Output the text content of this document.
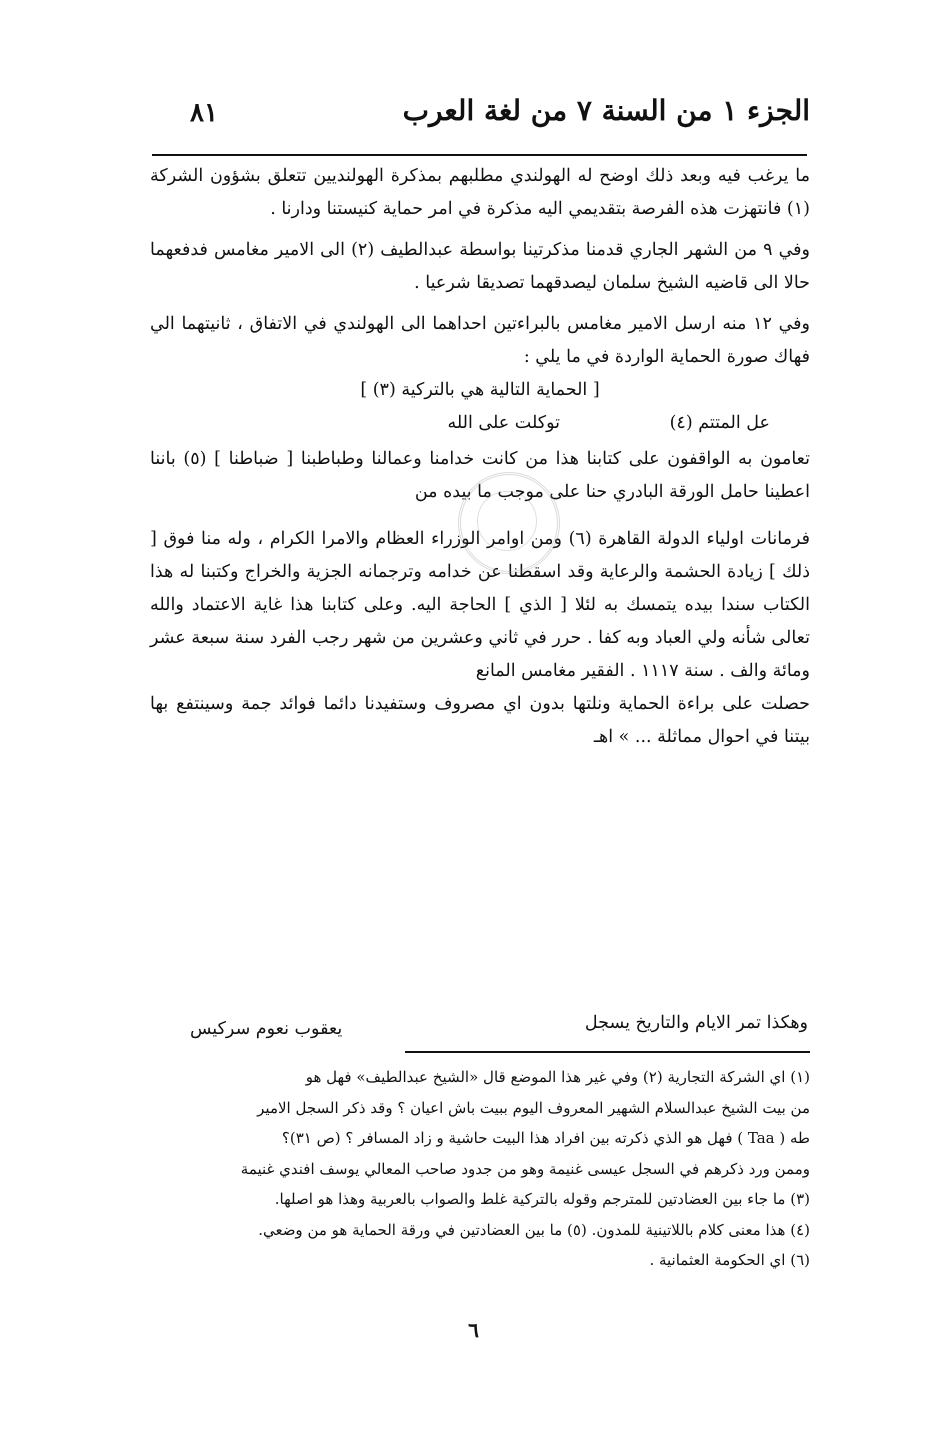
الجزء ١ من السنة ٧ من لغة العرب
٨١

ما يرغب فيه وبعد ذلك اوضح له الهولندي مطلبهم بمذكرة الهولنديين تتعلق بشؤون الشركة (١) فانتهزت هذه الفرصة بتقديمي اليه مذكرة في امر حماية كنيستنا ودارنا .

وفي ٩ من الشهر الجاري قدمنا مذكرتينا بواسطة عبدالطيف (٢) الى الامير مغامس فدفعهما حالا الى قاضيه الشيخ سلمان ليصدقهما تصديقا شرعيا .

وفي ١٢ منه ارسل الامير مغامس بالبراءتين احداهما الى الهولندي في الاتفاق ، ثانيتهما الي فهاك صورة الحماية الواردة في ما يلي :

[ الحماية التالية هي بالتركية (٣) ]

عل المتتم (٤)
توكلت على الله

تعامون به الواقفون على كتابنا هذا من كانت خدامنا وعمالنا وطباطبنا [ ضباطنا ] (٥) باننا اعطينا حامل الورقة البادري حنا على موجب ما بيده من

فرمانات اولياء الدولة القاهرة (٦) ومن اوامر الوزراء العظام والامرا الكرام ، وله منا فوق [ ذلك ] زيادة الحشمة والرعاية وقد اسقطنا عن خدامه وترجمانه الجزية والخراج وكتبنا له هذا الكتاب سندا بيده يتمسك به لئلا [ الذي ] الحاجة اليه. وعلى كتابنا هذا غاية الاعتماد والله تعالى شأنه ولي العباد وبه كفا . حرر في ثاني وعشرين من شهر رجب الفرد سنة سبعة عشر ومائة والف . سنة ١١١٧ . الفقير مغامس المانع

حصلت على براءة الحماية ونلتها بدون اي مصروف وستفيدنا دائما فوائد جمة وسينتفع بها بيتنا في احوال مماثلة ... » اهـ

وهكذا تمر الايام والتاريخ يسجل
يعقوب نعوم سركيس

(١) اي الشركة التجارية (٢) وفي غير هذا الموضع قال «الشيخ عبدالطيف» فهل هو

من بيت الشيخ عبدالسلام الشهير المعروف اليوم ببيت باش اعيان ؟ وقد ذكر السجل الامير

طه ( Taa ) فهل هو الذي ذكرته بين افراد هذا البيت حاشية و زاد المسافر ؟ (ص ٣١)؟

وممن ورد ذكرهم في السجل عيسى غنيمة وهو من جدود صاحب المعالي يوسف افندي غنيمة

(٣) ما جاء بين العضادتين للمترجم وقوله بالتركية غلط والصواب بالعربية وهذا هو اصلها.

(٤) هذا معنى كلام باللاتينية للمدون. (٥) ما بين العضادتين في ورقة الحماية هو من وضعي.

(٦) اي الحكومة العثمانية .

٦
